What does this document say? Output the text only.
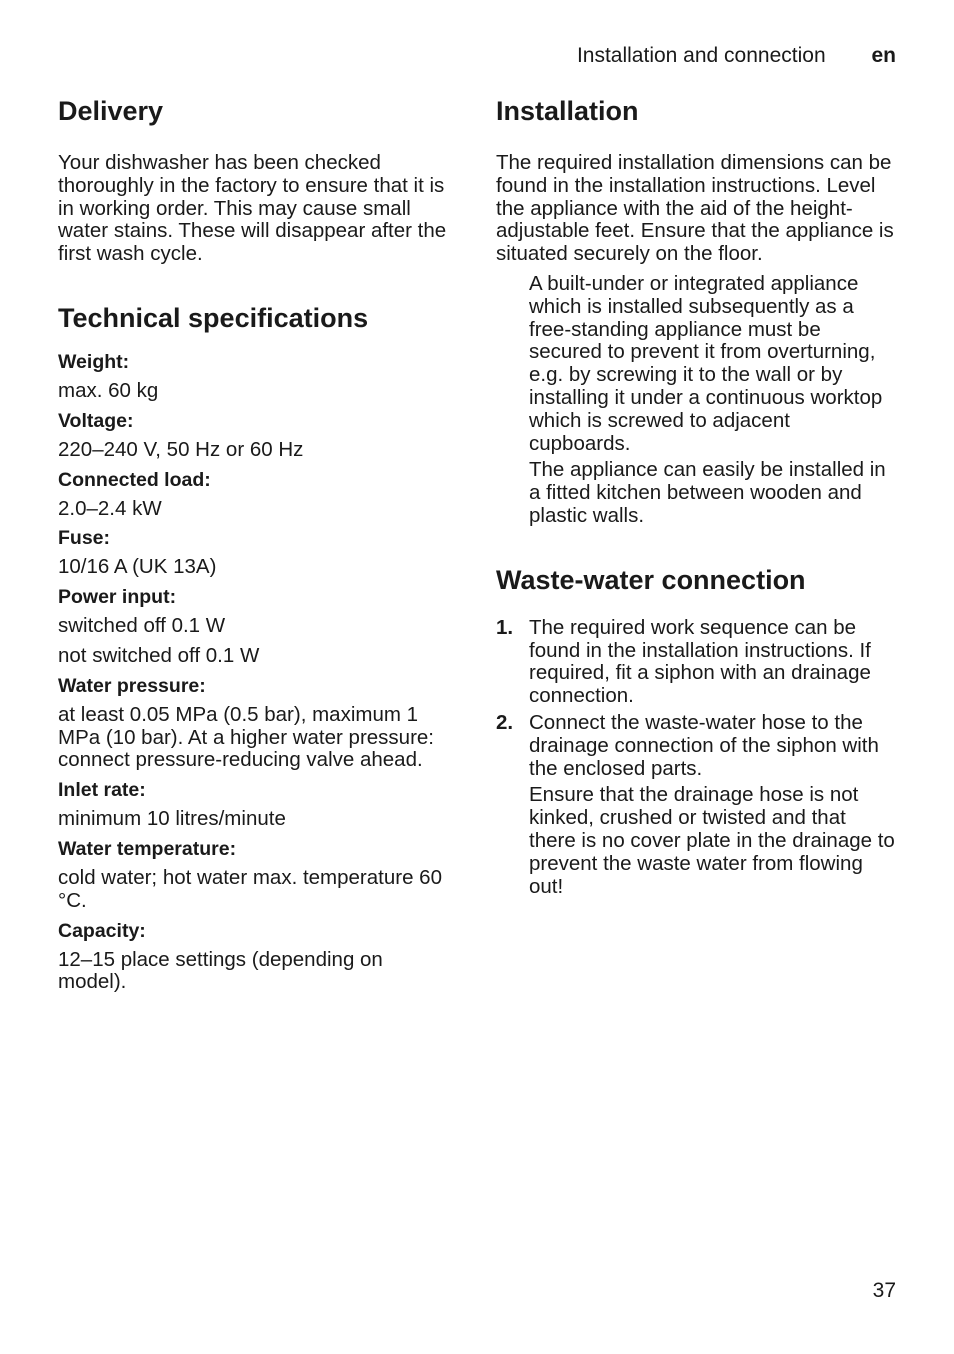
Installation and connection en
Delivery

Your dishwasher has been checked thoroughly in the factory to ensure that it is in working order. This may cause small water stains. These will disappear after the first wash cycle.

Technical specifications
Weight:
max. 60 kg
Voltage:
220–240 V, 50 Hz or 60 Hz
Connected load:
2.0–2.4 kW
Fuse:
10/16 A (UK 13A)
Power input:
switched off 0.1 W
not switched off 0.1 W
Water pressure:
at least 0.05 MPa (0.5 bar), maximum 1 MPa (10 bar). At a higher water pressure: connect pressure-reducing valve ahead.
Inlet rate:
minimum 10 litres/minute
Water temperature:
cold water; hot water max. temperature 60 °C.
Capacity:
12–15 place settings (depending on model).
Installation

The required installation dimensions can be found in the installation instructions. Level the appliance with the aid of the height-adjustable feet. Ensure that the appliance is situated securely on the floor.

A built-under or integrated appliance which is installed subsequently as a free-standing appliance must be secured to prevent it from overturning, e.g. by screwing it to the wall or by installing it under a continuous worktop which is screwed to adjacent cupboards.

The appliance can easily be installed in a fitted kitchen between wooden and plastic walls.

Waste-water connection
1. The required work sequence can be found in the installation instructions. If required, fit a siphon with an drainage connection.
2. Connect the waste-water hose to the drainage connection of the siphon with the enclosed parts.

Ensure that the drainage hose is not kinked, crushed or twisted and that there is no cover plate in the drainage to prevent the waste water from flowing out!

37
